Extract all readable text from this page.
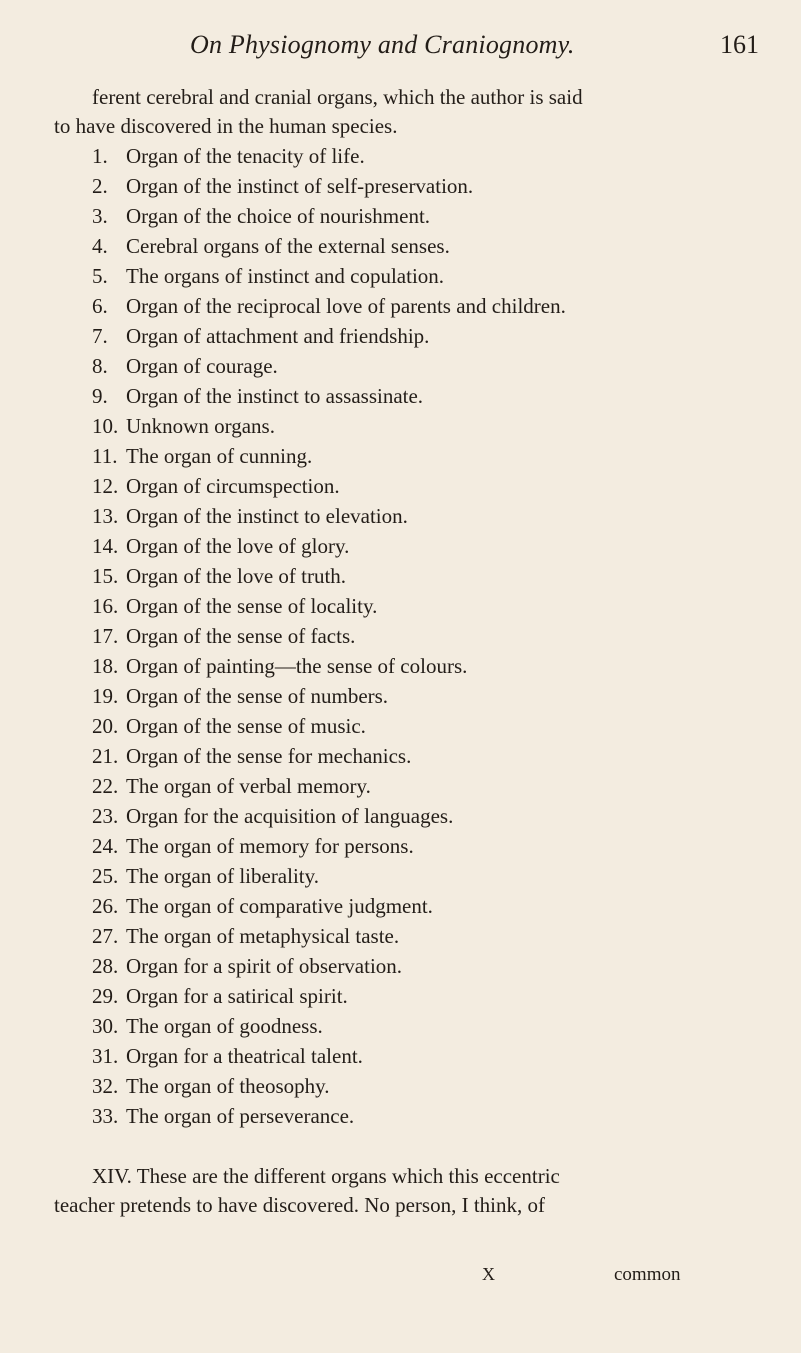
On Physiognomy and Craniognomy.	161
ferent cerebral and cranial organs, which the author is said
to have discovered in the human species.
1. Organ of the tenacity of life.
2. Organ of the instinct of self-preservation.
3. Organ of the choice of nourishment.
4. Cerebral organs of the external senses.
5. The organs of instinct and copulation.
6. Organ of the reciprocal love of parents and children.
7. Organ of attachment and friendship.
8. Organ of courage.
9. Organ of the instinct to assassinate.
10. Unknown organs.
11. The organ of cunning.
12. Organ of circumspection.
13. Organ of the instinct to elevation.
14. Organ of the love of glory.
15. Organ of the love of truth.
16. Organ of the sense of locality.
17. Organ of the sense of facts.
18. Organ of painting—the sense of colours.
19. Organ of the sense of numbers.
20. Organ of the sense of music.
21. Organ of the sense for mechanics.
22. The organ of verbal memory.
23. Organ for the acquisition of languages.
24. The organ of memory for persons.
25. The organ of liberality.
26. The organ of comparative judgment.
27. The organ of metaphysical taste.
28. Organ for a spirit of observation.
29. Organ for a satirical spirit.
30. The organ of goodness.
31. Organ for a theatrical talent.
32. The organ of theosophy.
33. The organ of perseverance.
XIV. These are the different organs which this eccentric
teacher pretends to have discovered. No person, I think, of
X	common
